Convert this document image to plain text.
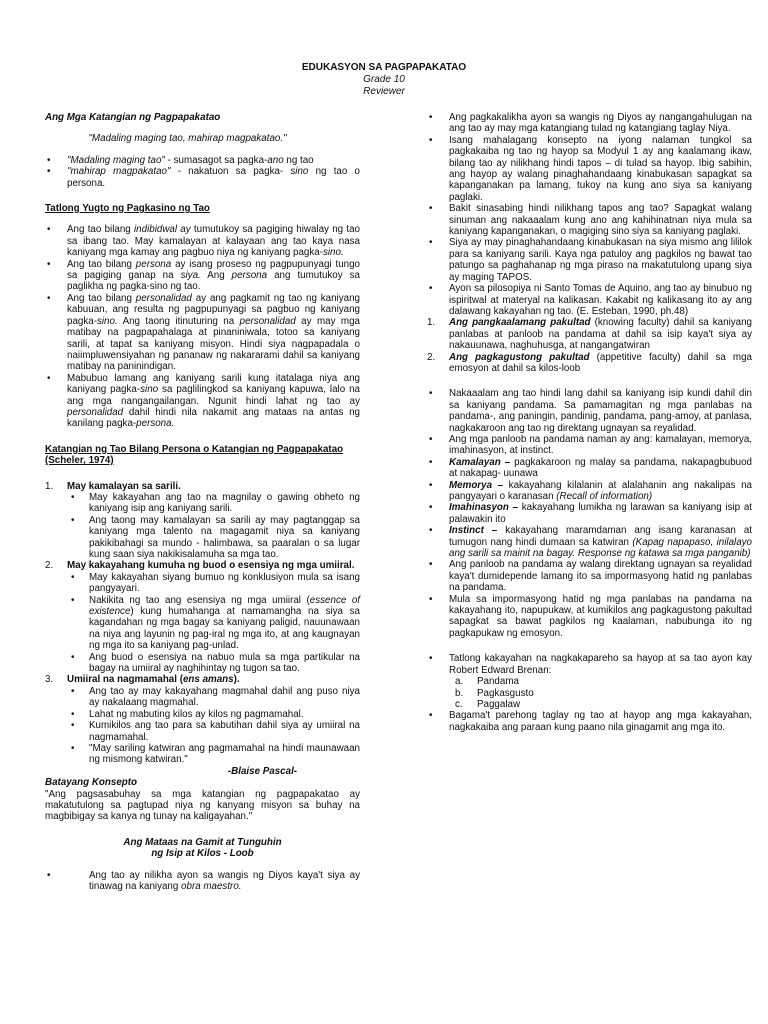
EDUKASYON SA PAGPAPAKATAO
Grade 10
Reviewer

Ang Mga Katangian ng Pagpapakatao

"Madaling maging tao, mahirap magpakatao."

• "Madaling maging tao" - sumasagot sa pagka-ano ng tao
• "mahirap magpakatao" - nakatuon sa pagka- sino ng tao o persona.

Tatlong Yugto ng Pagkasino ng Tao

• Ang tao bilang indibidwal ay tumutukoy sa pagiging hiwalay ng tao sa ibang tao. May kamalayan at kalayaan ang tao kaya nasa kaniyang mga kamay ang pagbuo niya ng kaniyang pagka-sino.
• Ang tao bilang persona ay isang proseso ng pagpupunyagi tungo sa pagiging ganap na siya. Ang persona ang tumutukoy sa paglikha ng pagka-sino ng tao.
• Ang tao bilang personalidad ay ang pagkamit ng tao ng kaniyang kabuuan, ang resulta ng pagpupunyagi sa pagbuo ng kaniyang pagka-sino. Ang taong itinuturing na personalidad ay may mga matibay na pagpapahalaga at pinaniniwala, totoo sa kaniyang sarili, at tapat sa kaniyang misyon. Hindi siya nagpapadala o naiimpluwensiyahan ng pananaw ng nakararami dahil sa kaniyang matibay na paninindigan.
• Mabubuo lamang ang kaniyang sarili kung itatalaga niya ang kaniyang pagka-sino sa paglilingkod sa kaniyang kapuwa, lalo na ang mga nangangailangan. Ngunit hindi lahat ng tao ay personalidad dahil hindi nila nakamit ang mataas na antas ng kanilang pagka-persona.

Katangian ng Tao Bilang Persona o Katangian ng Pagpapakatao (Scheler, 1974)

1. May kamalayan sa sarili.
• May kakayahan ang tao na magnilay o gawing obheto ng kaniyang isip ang kaniyang sarili.
• Ang taong may kamalayan sa sarili ay may pagtanggap sa kaniyang mga talento na magagamit niya sa kaniyang pakikibahagi sa mundo - halimbawa, sa paaralan o sa lugar kung saan siya nakikisalamuha sa mga tao.
2. May kakayahang kumuha ng buod o esensiya ng mga umiiral.
• May kakayahan siyang bumuo ng konklusiyon mula sa isang pangyayari.
• Nakikita ng tao ang esensiya ng mga umiiral (essence of existence) kung humahanga at namamangha na siya sa kagandahan ng mga bagay sa kaniyang paligid, nauunawaan na niya ang layunin ng pag-iral ng mga ito, at ang kaugnayan ng mga ito sa kaniyang pag-unlad.
• Ang buod o esensiya na nabuo mula sa mga partikular na bagay na umiiral ay naghihintay ng tugon sa tao.
3. Umiiral na nagmamahal (ens amans).
• Ang tao ay may kakayahang magmahal dahil ang puso niya ay nakalaang magmahal.
• Lahat ng mabuting kilos ay kilos ng pagmamahal.
• Kumikilos ang tao para sa kabutihan dahil siya ay umiiral na nagmamahal.
• "May sariling katwiran ang pagmamahal na hindi maunawaan ng mismong katwiran."

-Blaise Pascal-

Batayang Konsepto

"Ang pagsasabuhay sa mga katangian ng pagpapakatao ay makatutulong sa pagtupad niya ng kanyang misyon sa buhay na magbibigay sa kanya ng tunay na kaligayahan."

Ang Mataas na Gamit at Tunguhin

ng Isip at Kilos - Loob

• Ang tao ay nilikha ayon sa wangis ng Diyos kaya't siya ay tinawag na kaniyang obra maestro.
• Ang pagkakalikha ayon sa wangis ng Diyos ay nangangahulugan na ang tao ay may mga katangiang tulad ng katangiang taglay Niya.
• Isang mahalagang konsepto na iyong nalaman tungkol sa pagkakaiba ng tao ng hayop sa Modyul 1 ay ang kaalamang ikaw, bilang tao ay nilikhang hindi tapos – di tulad sa hayop. Ibig sabihin, ang hayop ay walang pinaghahandaang kinabukasan sapagkat sa kapanganakan pa lamang, tukoy na kung ano siya sa kaniyang paglaki.
• Bakit sinasabing hindi nilikhang tapos ang tao? Sapagkat walang sinuman ang nakaaalam kung ano ang kahihinatnan niya mula sa kaniyang kapanganakan, o magiging sino siya sa kaniyang paglaki.
• Siya ay may pinaghahandaang kinabukasan na siya mismo ang lililok para sa kaniyang sarili. Kaya nga patuloy ang pagkilos ng bawat tao patungo sa paghahanap ng mga piraso na makatutulong upang siya ay maging TAPOS.
• Ayon sa pilosopiya ni Santo Tomas de Aquino, ang tao ay binubuo ng ispiritwal at materyal na kalikasan. Kakabit ng kalikasang ito ay ang dalawang kakayahan ng tao. (E. Esteban, 1990, ph.48)
1. Ang pangkaalamang pakultad (knowing faculty) dahil sa kaniyang panlabas at panloob na pandama at dahil sa isip kaya't siya ay nakauunawa, naghuhusga, at nangangatwiran
2. Ang pagkagustong pakultad (appetitive faculty) dahil sa mga emosyon at dahil sa kilos-loob
• Nakaaalam ang tao hindi lang dahil sa kaniyang isip kundi dahil din sa kaniyang pandama. Sa pamamagitan ng mga panlabas na pandama-, ang paningin, pandinig, pandama, pang-amoy, at panlasa, nagkakaroon ang tao ng direktang ugnayan sa reyalidad.
• Ang mga panloob na pandama naman ay ang: kamalayan, memorya, imahinasyon, at instinct.
• Kamalayan – pagkakaroon ng malay sa pandama, nakapagbubuod at nakapag- uunawa
• Memorya – kakayahang kilalanin at alalahanin ang nakalipas na pangyayari o karanasan (Recall of information)
• Imahinasyon – kakayahang lumikha ng larawan sa kaniyang isip at palawakin ito
• Instinct – kakayahang maramdaman ang isang karanasan at tumugon nang hindi dumaan sa katwiran (Kapag napapaso, inilalayo ang sarili sa mainit na bagay. Response ng katawa sa mga panganib)
• Ang panloob na pandama ay walang direktang ugnayan sa reyalidad kaya't dumidepende lamang ito sa impormasyong hatid ng panlabas na pandama.
• Mula sa impormasyong hatid ng mga panlabas na pandama na kakayahang ito, napupukaw, at kumikilos ang pagkagustong pakultad sapagkat sa bawat pagkilos ng kaalaman, nabubunga ito ng pagkapukaw ng emosyon.
• Tatlong kakayahan na nagkakapareho sa hayop at sa tao ayon kay Robert Edward Brenan:
a. Pandama
b. Pagkasgusto
c. Paggalaw
• Bagama't parehong taglay ng tao at hayop ang mga kakayahan, nagkakaiba ang paraan kung paano nila ginagamit ang mga ito.
